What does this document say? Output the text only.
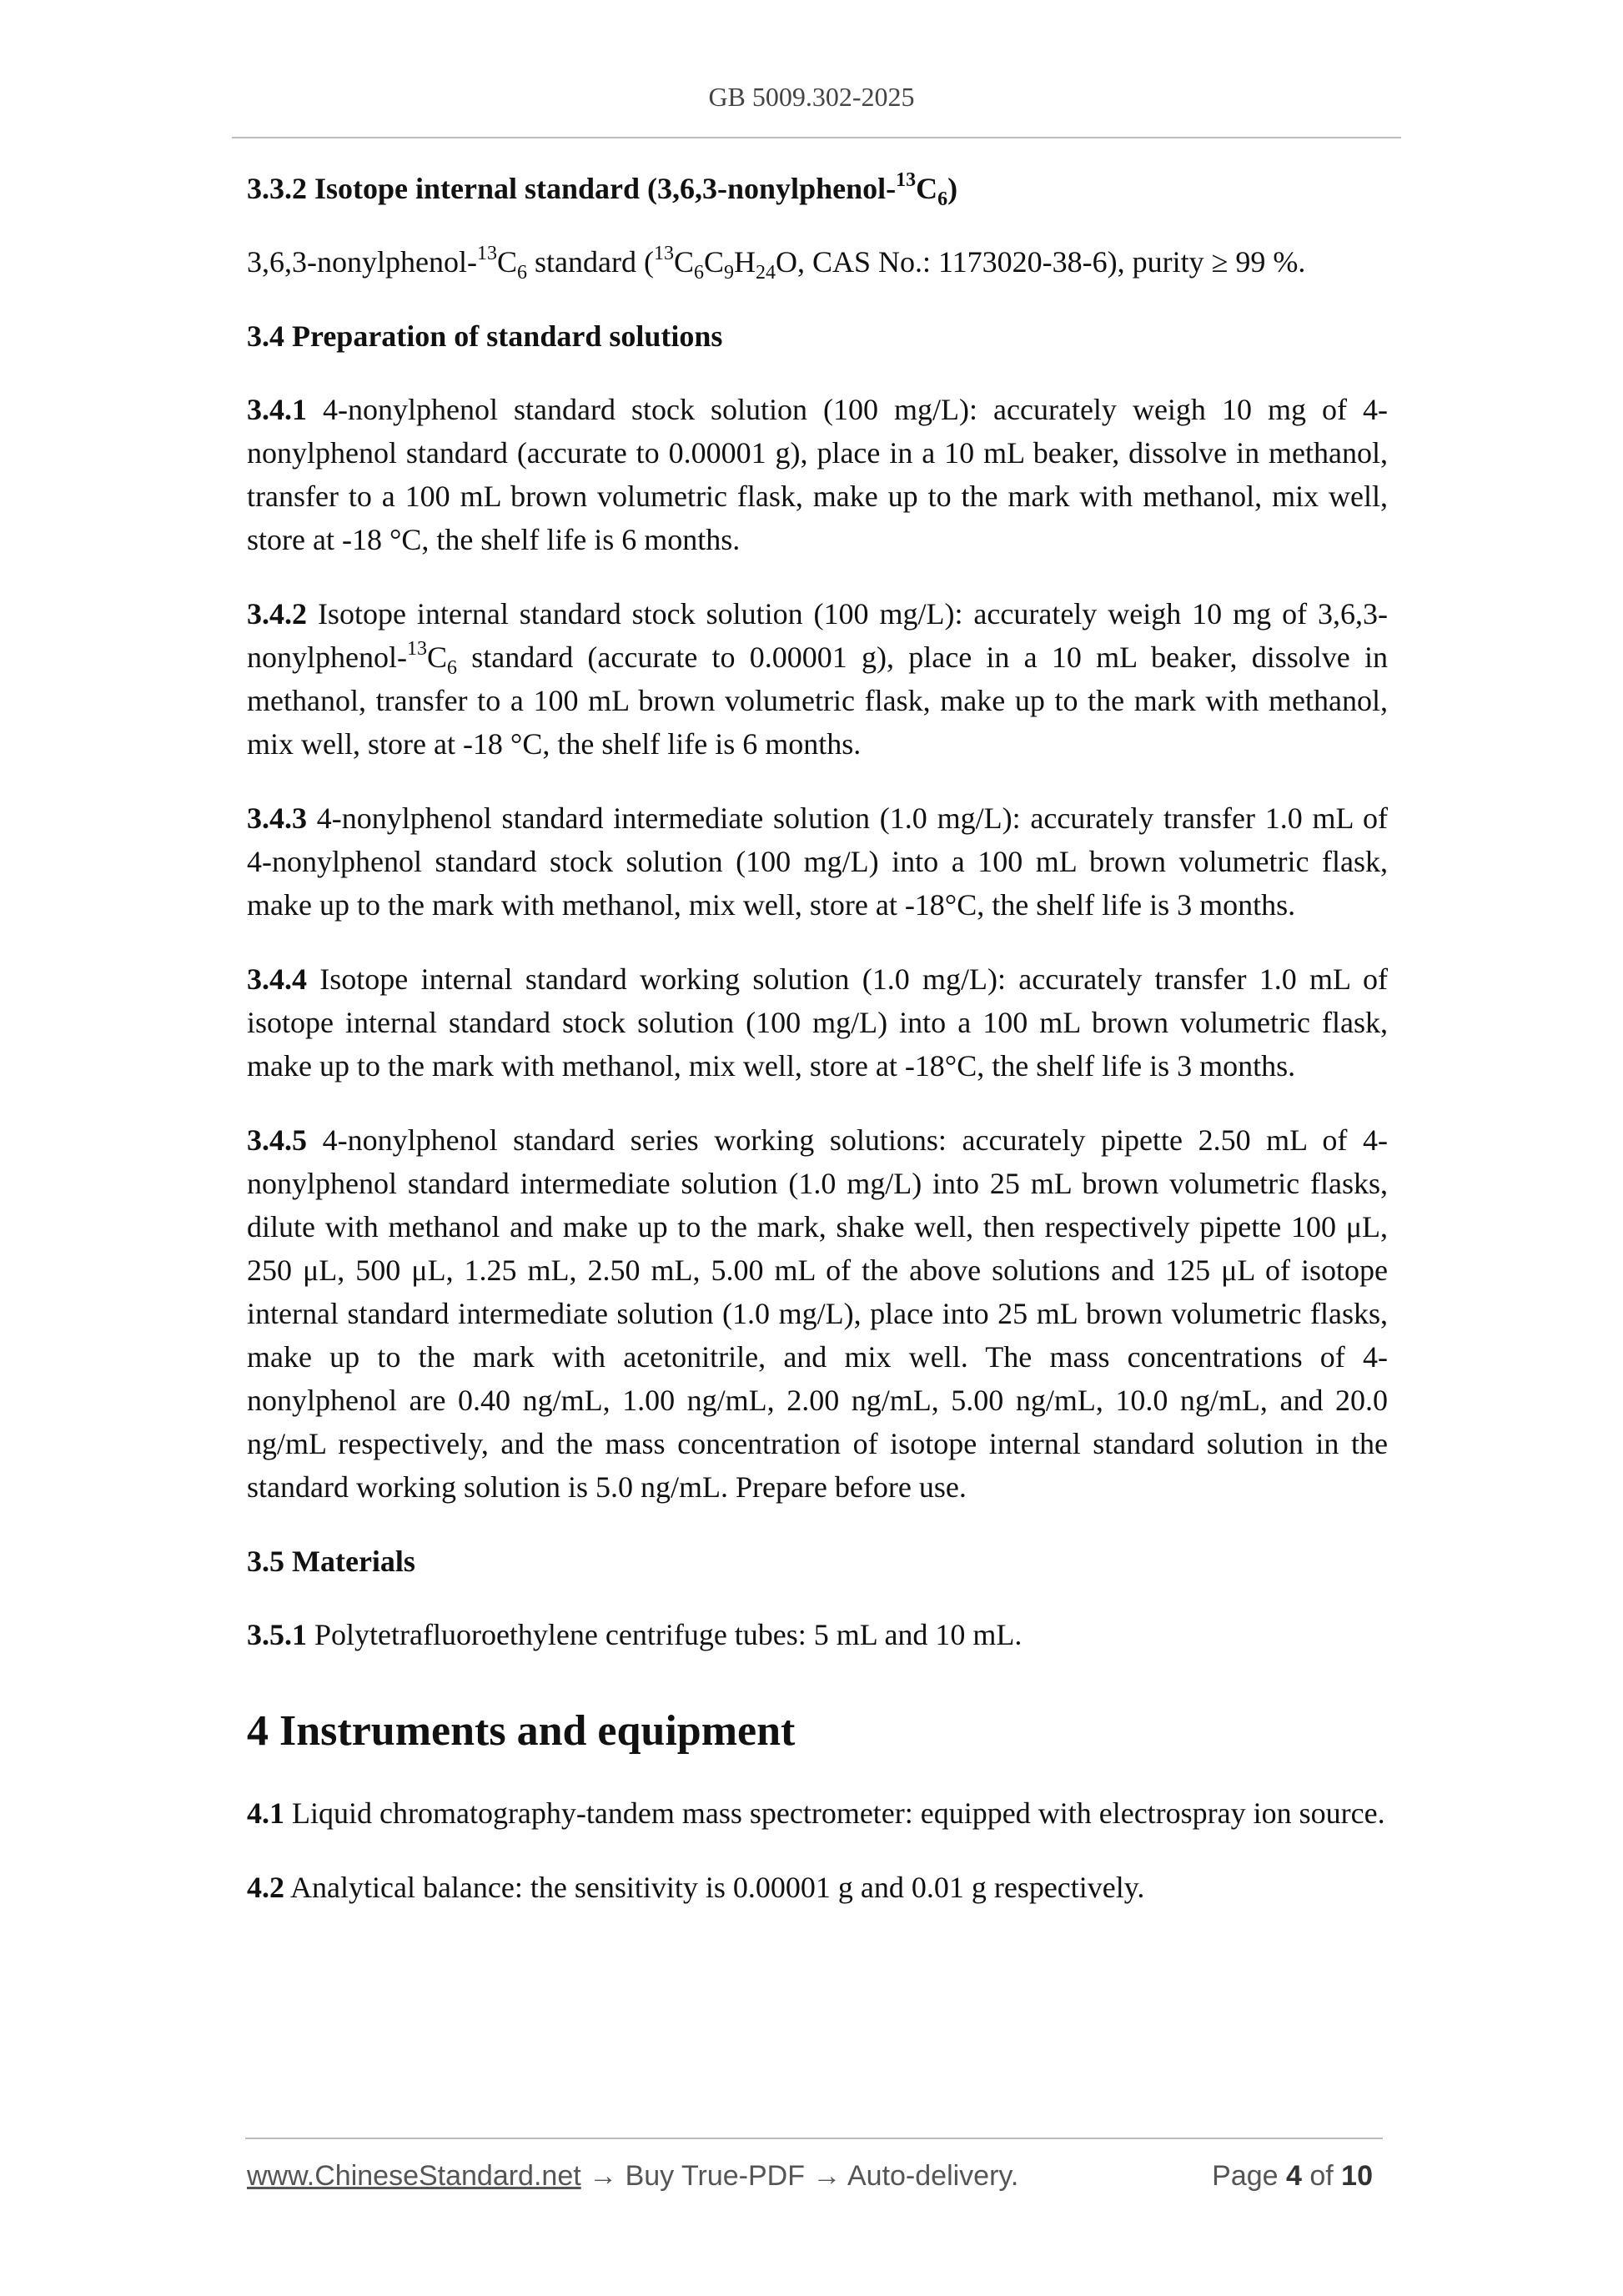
GB 5009.302-2025
3.3.2 Isotope internal standard $(3,6,3-nonylphenol-^{13}C_6)$

$3,6,3-nonylphenol-^{13}C_6$ standard ($^{13}C_6C_9H_{24}O$, CAS No.: 1173020-38-6), purity ≥ 99 %.

3.4 Preparation of standard solutions

3.4.1 4-nonylphenol standard stock solution (100 mg/L): accurately weigh 10 mg of 4-nonylphenol standard (accurate to 0.00001 g), place in a 10 mL beaker, dissolve in methanol, transfer to a 100 mL brown volumetric flask, make up to the mark with methanol, mix well, store at -18 °C, the shelf life is 6 months.

3.4.2 Isotope internal standard stock solution (100 mg/L): accurately weigh 10 mg of $3,6,3-nonylphenol-^{13}C_6$ standard (accurate to 0.00001 g), place in a 10 mL beaker, dissolve in methanol, transfer to a 100 mL brown volumetric flask, make up to the mark with methanol, mix well, store at -18 °C, the shelf life is 6 months.

3.4.3 4-nonylphenol standard intermediate solution (1.0 mg/L): accurately transfer 1.0 mL of 4-nonylphenol standard stock solution (100 mg/L) into a 100 mL brown volumetric flask, make up to the mark with methanol, mix well, store at -18°C, the shelf life is 3 months.

3.4.4 Isotope internal standard working solution (1.0 mg/L): accurately transfer 1.0 mL of isotope internal standard stock solution (100 mg/L) into a 100 mL brown volumetric flask, make up to the mark with methanol, mix well, store at -18°C, the shelf life is 3 months.

3.4.5 4-nonylphenol standard series working solutions: accurately pipette 2.50 mL of 4-nonylphenol standard intermediate solution (1.0 mg/L) into 25 mL brown volumetric flasks, dilute with methanol and make up to the mark, shake well, then respectively pipette 100 μL, 250 μL, 500 μL, 1.25 mL, 2.50 mL, 5.00 mL of the above solutions and 125 μL of isotope internal standard intermediate solution (1.0 mg/L), place into 25 mL brown volumetric flasks, make up to the mark with acetonitrile, and mix well. The mass concentrations of 4-nonylphenol are 0.40 ng/mL, 1.00 ng/mL, 2.00 ng/mL, 5.00 ng/mL, 10.0 ng/mL, and 20.0 ng/mL respectively, and the mass concentration of isotope internal standard solution in the standard working solution is 5.0 ng/mL. Prepare before use.

3.5 Materials

3.5.1 Polytetrafluoroethylene centrifuge tubes: 5 mL and 10 mL.

4 Instruments and equipment

4.1 Liquid chromatography-tandem mass spectrometer: equipped with electrospray ion source.

4.2 Analytical balance: the sensitivity is 0.00001 g and 0.01 g respectively.

www.ChineseStandard.net → Buy True-PDF → Auto-delivery.	Page 4 of 10
